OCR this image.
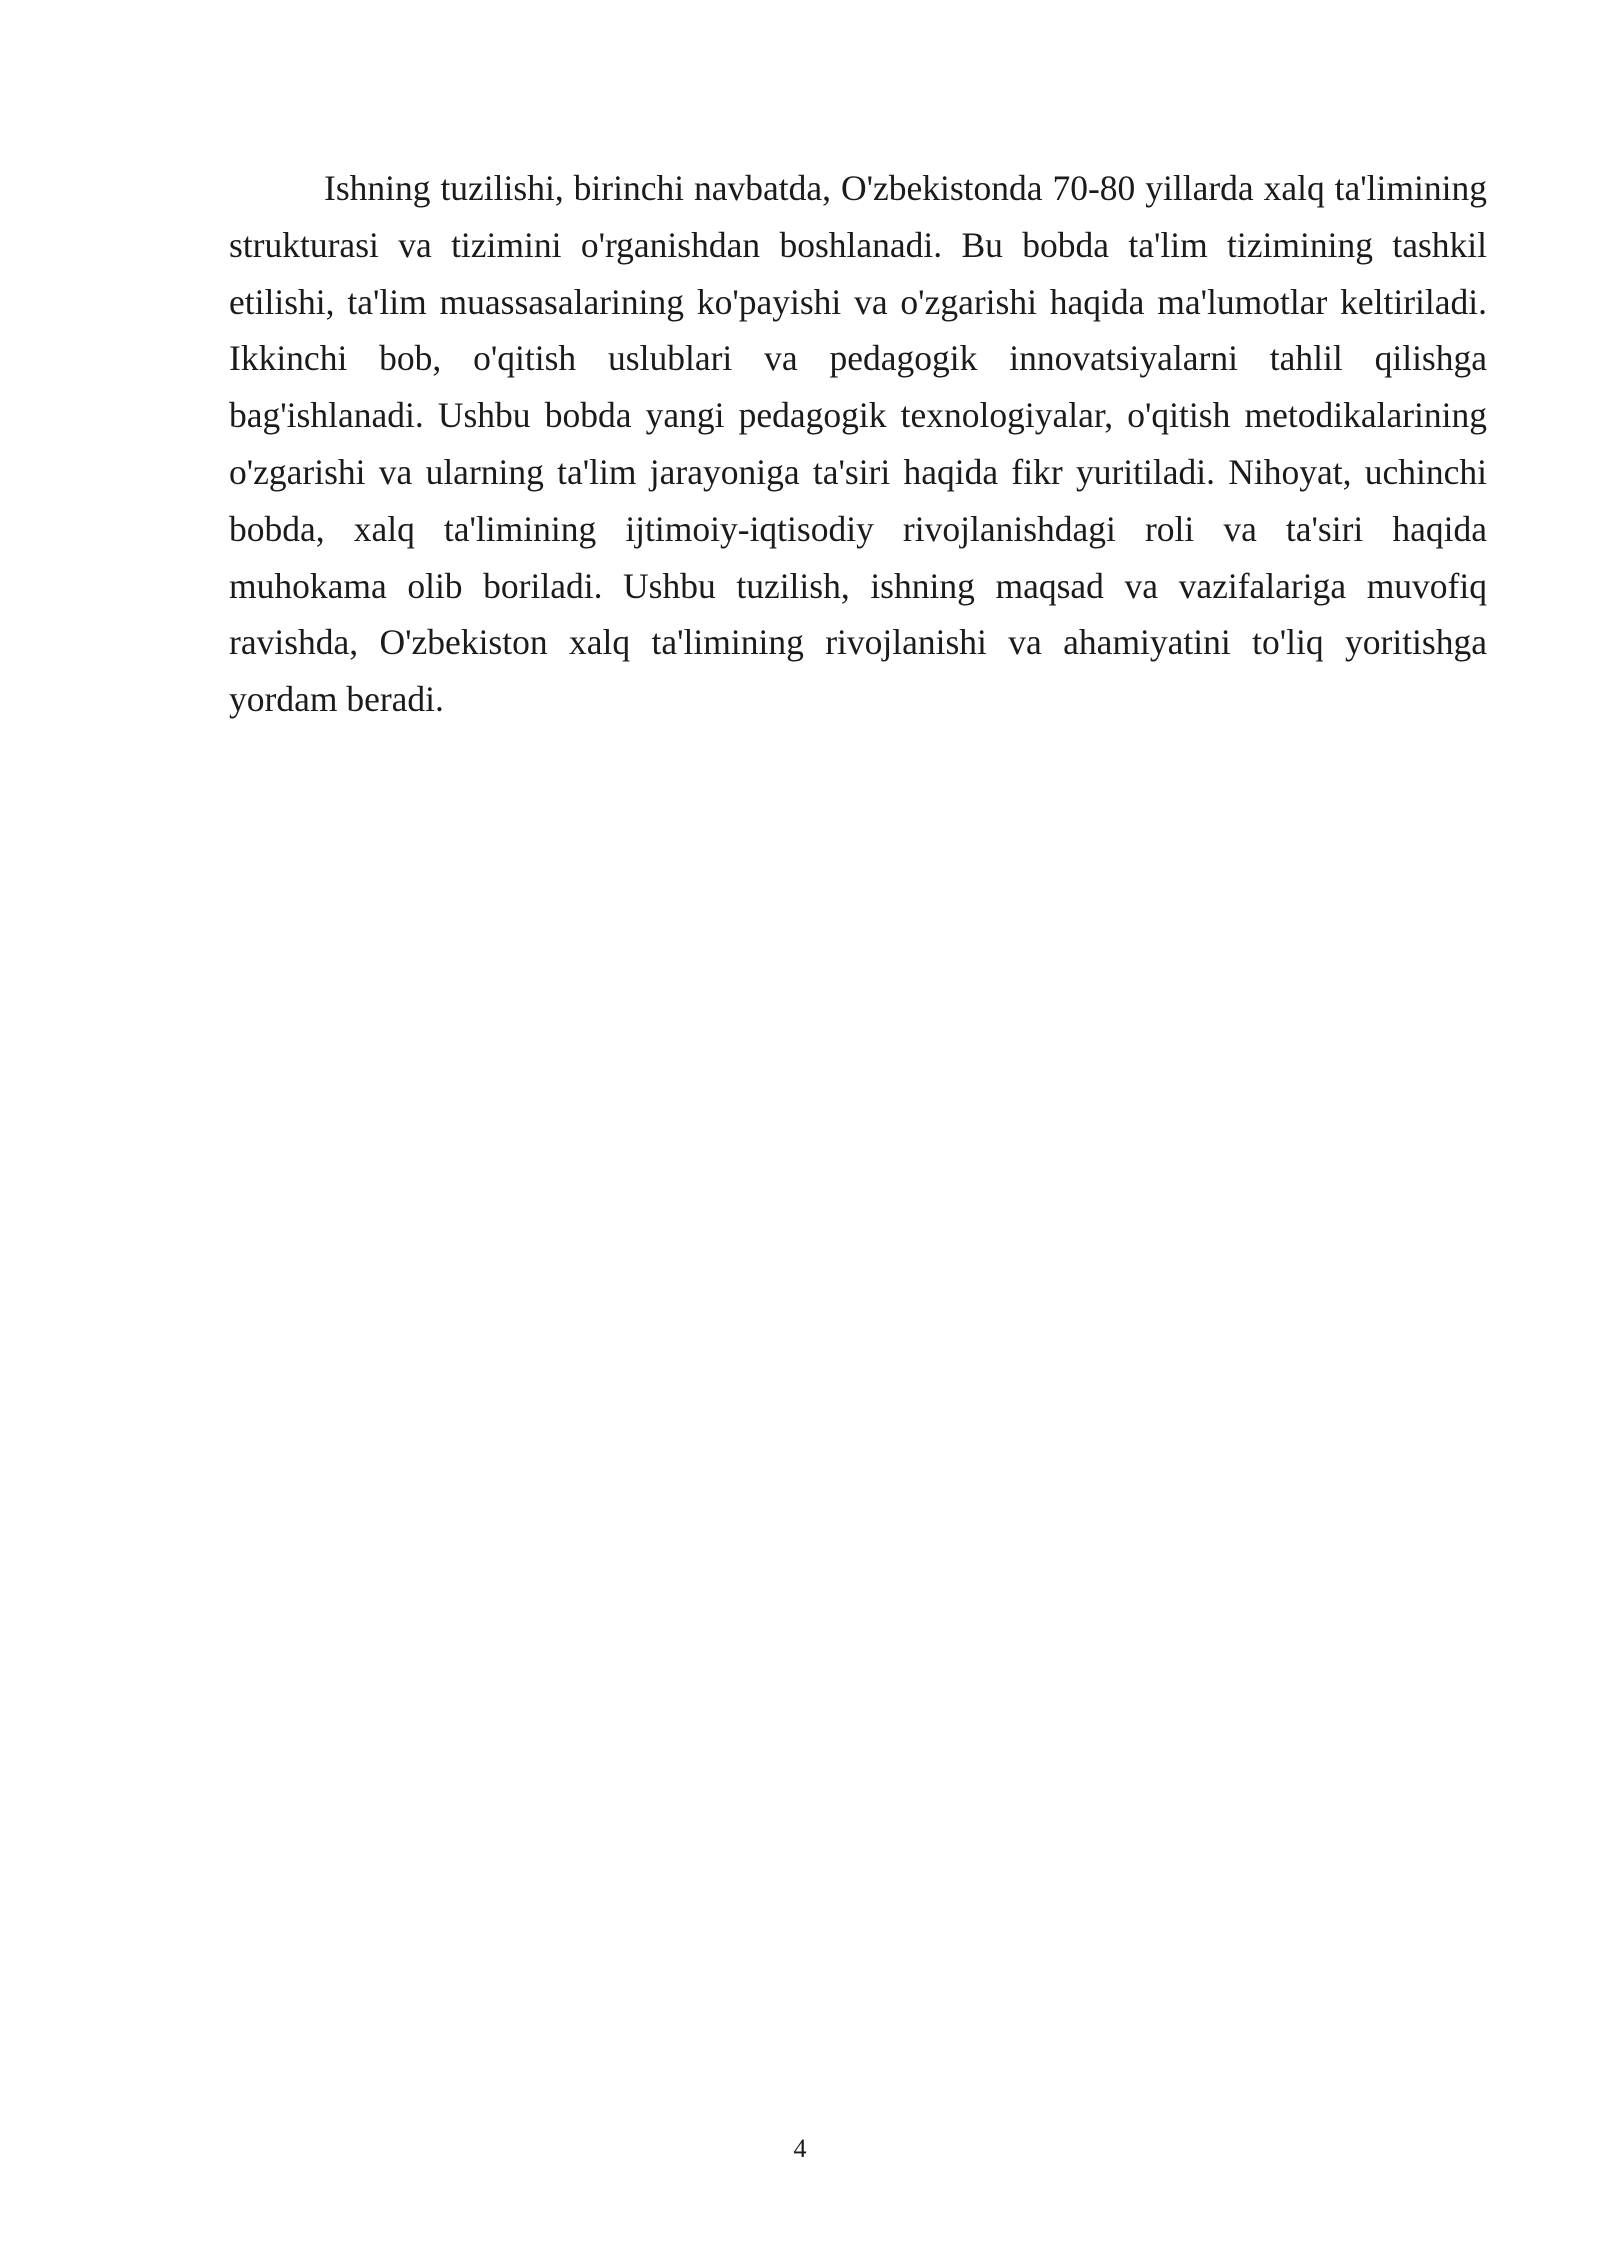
Ishning tuzilishi, birinchi navbatda, O'zbekistonda 70-80 yillarda xalq ta'limining strukturasi va tizimini o'rganishdan boshlanadi. Bu bobda ta'lim tizimining tashkil etilishi, ta'lim muassasalarining ko'payishi va o'zgarishi haqida ma'lumotlar keltiriladi. Ikkinchi bob, o'qitish uslublari va pedagogik innovatsiyalarni tahlil qilishga bag'ishlanadi. Ushbu bobda yangi pedagogik texnologiyalar, o'qitish metodikalarining o'zgarishi va ularning ta'lim jarayoniga ta'siri haqida fikr yuritiladi. Nihoyat, uchinchi bobda, xalq ta'limining ijtimoiy-iqtisodiy rivojlanishdagi roli va ta'siri haqida muhokama olib boriladi. Ushbu tuzilish, ishning maqsad va vazifalariga muvofiq ravishda, O'zbekiston xalq ta'limining rivojlanishi va ahamiyatini to'liq yoritishga yordam beradi.

4
